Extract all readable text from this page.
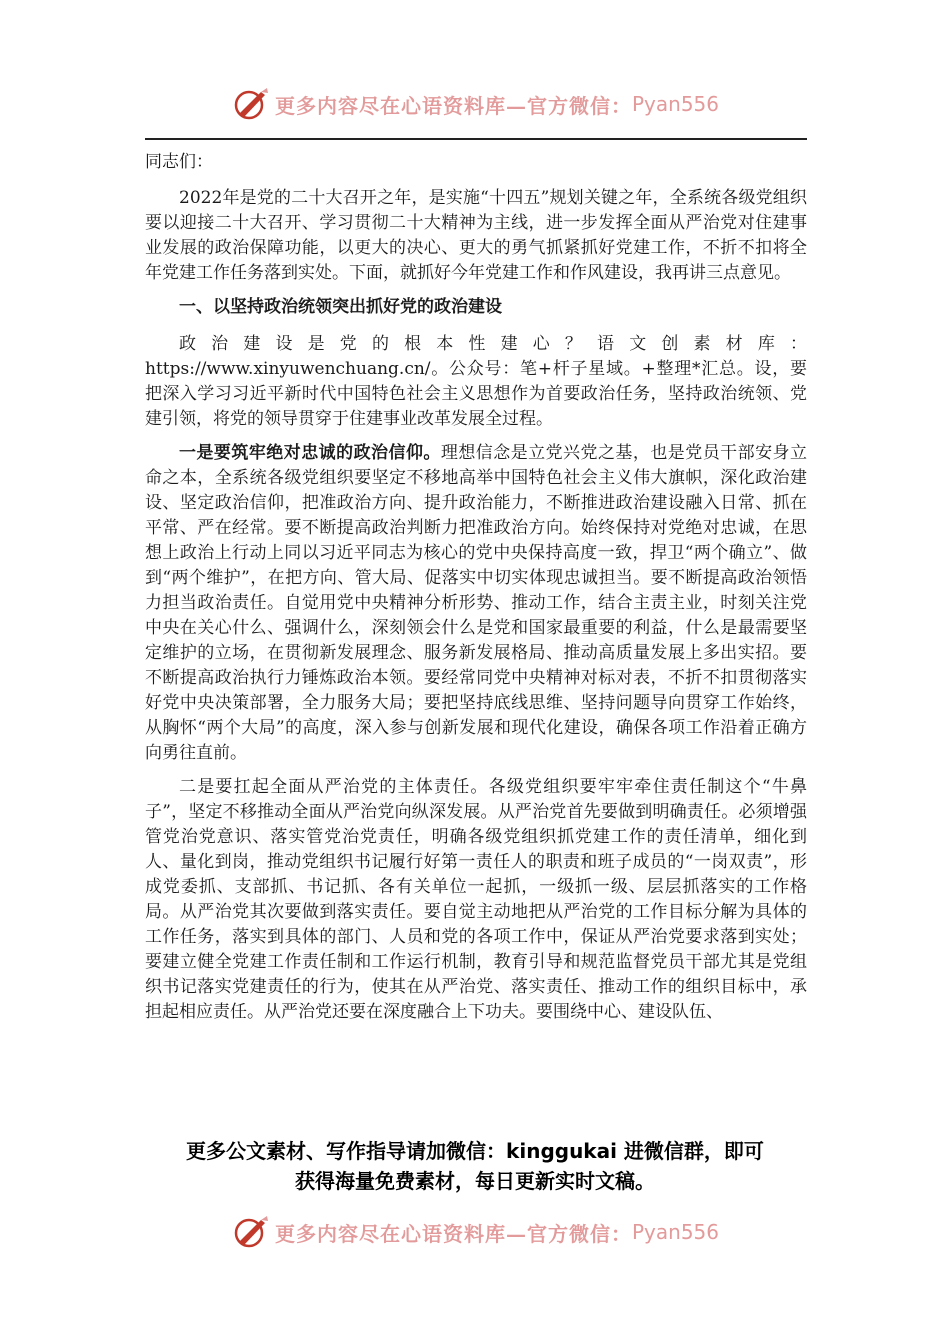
更多内容尽在心语资料库—官方微信： Pyan556

同志们：

2022年是党的二十大召开之年，是实施“十四五”规划关键之年，全系统各级党组织要以迎接二十大召开、学习贯彻二十大精神为主线，进一步发挥全面从严治党对住建事业发展的政治保障功能，以更大的决心、更大的勇气抓紧抓好党建工作，不折不扣将全年党建工作任务落到实处。下面，就抓好今年党建工作和作风建设，我再讲三点意见。

一、以坚持政治统领突出抓好党的政治建设

政治建设是党的根本性建心？语文创素材库：https://www.xinyuwenchuang.cn/。公众号：笔+杆子星域。+整理*汇总。设，要把深入学习习近平新时代中国特色社会主义思想作为首要政治任务，坚持政治统领、党建引领，将党的领导贯穿于住建事业改革发展全过程。

一是要筑牢绝对忠诚的政治信仰。理想信念是立党兴党之基，也是党员干部安身立命之本，全系统各级党组织要坚定不移地高举中国特色社会主义伟大旗帜，深化政治建设、坚定政治信仰，把准政治方向、提升政治能力，不断推进政治建设融入日常、抓在平常、严在经常。要不断提高政治判断力把准政治方向。始终保持对党绝对忠诚，在思想上政治上行动上同以习近平同志为核心的党中央保持高度一致，捍卫“两个确立”、做到“两个维护”，在把方向、管大局、促落实中切实体现忠诚担当。要不断提高政治领悟力担当政治责任。自觉用党中央精神分析形势、推动工作，结合主责主业，时刻关注党中央在关心什么、强调什么，深刻领会什么是党和国家最重要的利益，什么是最需要坚定维护的立场，在贯彻新发展理念、服务新发展格局、推动高质量发展上多出实招。要不断提高政治执行力锤炼政治本领。要经常同党中央精神对标对表，不折不扣贯彻落实好党中央决策部署，全力服务大局；要把坚持底线思维、坚持问题导向贯穿工作始终，从胸怀“两个大局”的高度，深入参与创新发展和现代化建设，确保各项工作沿着正确方向勇往直前。

二是要扛起全面从严治党的主体责任。各级党组织要牢牢牵住责任制这个“牛鼻子”，坚定不移推动全面从严治党向纵深发展。从严治党首先要做到明确责任。必须增强管党治党意识、落实管党治党责任，明确各级党组织抓党建工作的责任清单，细化到人、量化到岗，推动党组织书记履行好第一责任人的职责和班子成员的“一岗双责”，形成党委抓、支部抓、书记抓、各有关单位一起抓，一级抓一级、层层抓落实的工作格局。从严治党其次要做到落实责任。要自觉主动地把从严治党的工作目标分解为具体的工作任务，落实到具体的部门、人员和党的各项工作中，保证从严治党要求落到实处；要建立健全党建工作责任制和工作运行机制，教育引导和规范监督党员干部尤其是党组织书记落实党建责任的行为，使其在从严治党、落实责任、推动工作的组织目标中，承担起相应责任。从严治党还要在深度融合上下功夫。要围绕中心、建设队伍、

更多公文素材、写作指导请加微信：kinggukai 进微信群，即可
获得海量免费素材，每日更新实时文稿。
更多内容尽在心语资料库—官方微信： Pyan556
